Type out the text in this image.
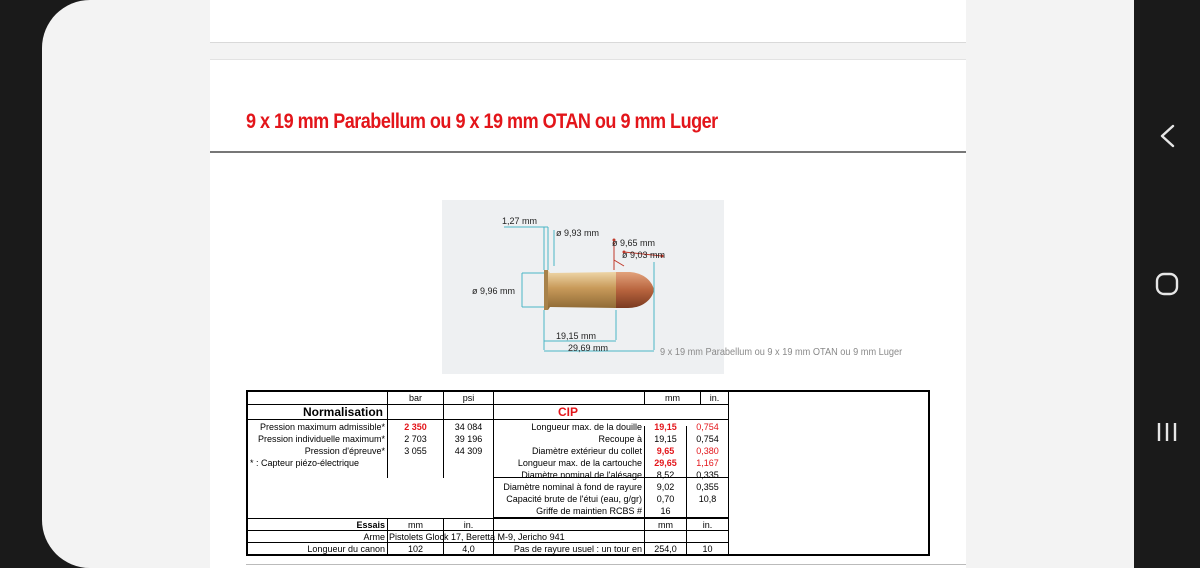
9 x 19 mm Parabellum ou 9 x 19 mm OTAN ou 9 mm Luger
1,27 mm
ø 9,93 mm
ø 9,65 mm
ø 9,03 mm
ø 9,96 mm
19,15 mm
29,69 mm	9 x 19 mm Parabellum ou 9 x 19 mm OTAN ou 9 mm Luger
bar	psi	mm	in.
Normalisation	CIP
Pression maximum admissible*	2 350	34 084
Pression individuelle maximum*	2 703	39 196
Pression d'épreuve*	3 055	44 309
* : Capteur piézo-électrique
Longueur max. de la douille	19,15	0,754
Recoupe à	19,15	0,754
Diamètre extérieur du collet	9,65	0,380
Longueur max. de la cartouche	29,65	1,167
Diamètre nominal de l'alésage	8,52	0,335
Diamètre nominal à fond de rayure	9,02	0,355
Capacité brute de l'étui (eau, g/gr)	0,70	10,8
Griffe de maintien RCBS #	16
Essais	mm	in.	mm	in.
Arme Pistolets Glock 17, Beretta M-9, Jericho 941
Longueur du canon	102	4,0	Pas de rayure usuel : un tour en	254,0	10
